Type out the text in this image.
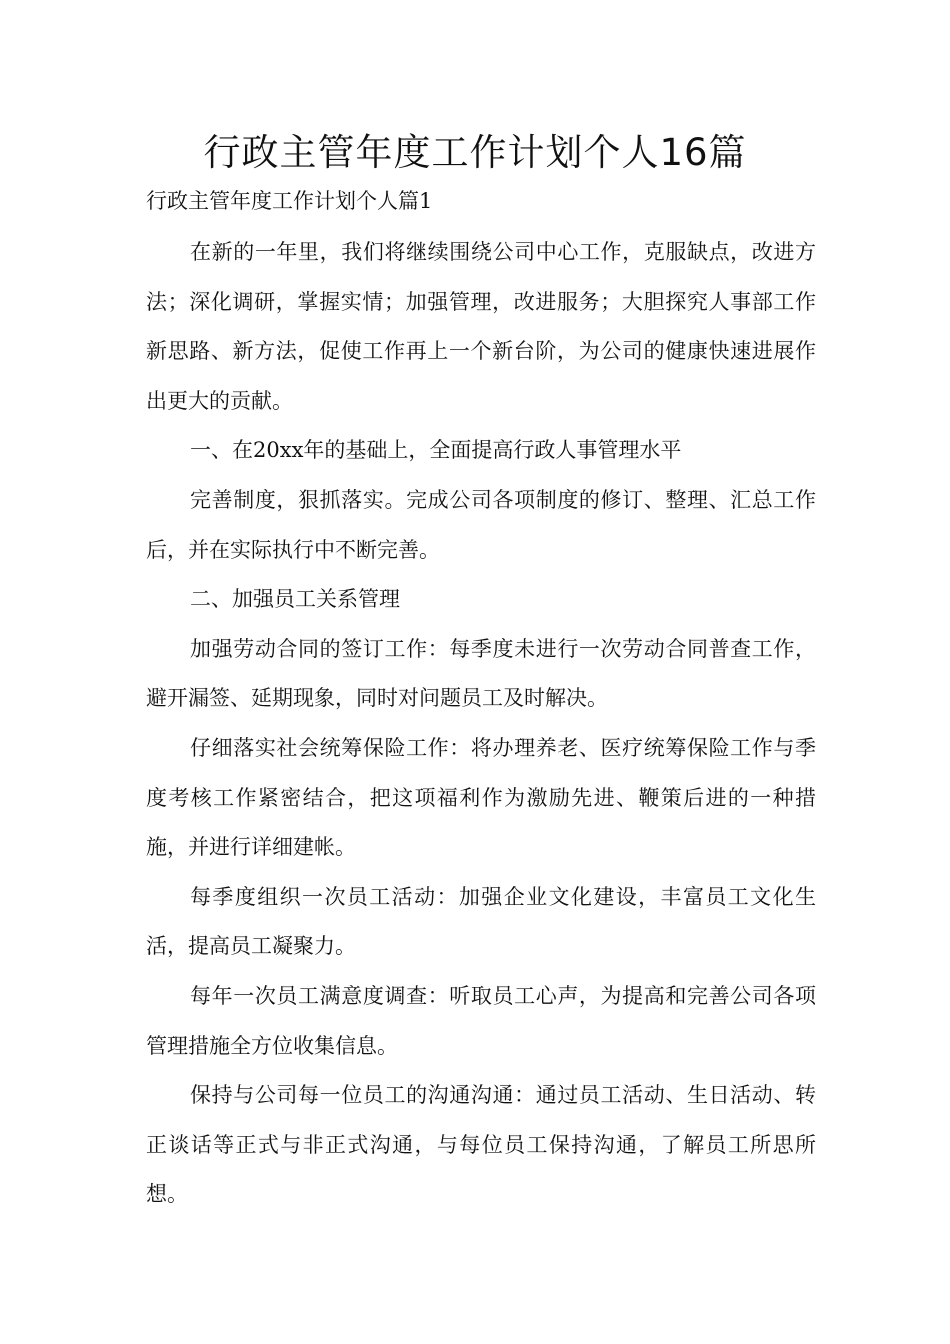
行政主管年度工作计划个人16篇
行政主管年度工作计划个人篇1

在新的一年里，我们将继续围绕公司中心工作，克服缺点，改进方法；深化调研，掌握实情；加强管理，改进服务；大胆探究人事部工作新思路、新方法，促使工作再上一个新台阶，为公司的健康快速进展作出更大的贡献。

一、在20xx年的基础上，全面提高行政人事管理水平

完善制度，狠抓落实。完成公司各项制度的修订、整理、汇总工作后，并在实际执行中不断完善。

二、加强员工关系管理

加强劳动合同的签订工作：每季度未进行一次劳动合同普查工作，避开漏签、延期现象，同时对问题员工及时解决。

仔细落实社会统筹保险工作：将办理养老、医疗统筹保险工作与季度考核工作紧密结合，把这项福利作为激励先进、鞭策后进的一种措施，并进行详细建帐。

每季度组织一次员工活动：加强企业文化建设，丰富员工文化生活，提高员工凝聚力。

每年一次员工满意度调查：听取员工心声，为提高和完善公司各项管理措施全方位收集信息。

保持与公司每一位员工的沟通沟通：通过员工活动、生日活动、转正谈话等正式与非正式沟通，与每位员工保持沟通，了解员工所思所想。
